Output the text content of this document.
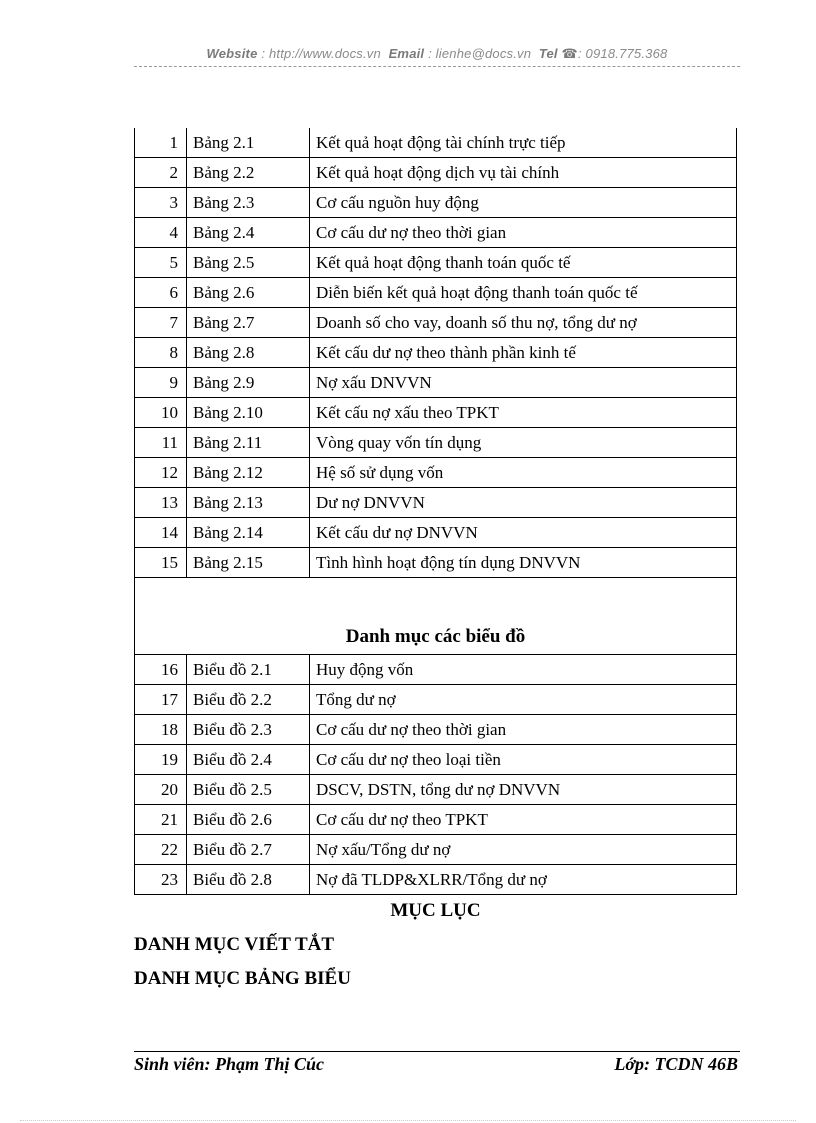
Website : http://www.docs.vn Email : lienhe@docs.vn Tel ☎: 0918.775.368
1	Bảng 2.1	Kết quả hoạt động tài chính trực tiếp
2	Bảng 2.2	Kết quả hoạt động dịch vụ tài chính
3	Bảng 2.3	Cơ cấu nguồn huy động
4	Bảng 2.4	Cơ cấu dư nợ theo thời gian
5	Bảng 2.5	Kết quả hoạt động thanh toán quốc tế
6	Bảng 2.6	Diễn biến kết quả hoạt động thanh toán quốc tế
7	Bảng 2.7	Doanh số cho vay, doanh số thu nợ, tổng dư nợ
8	Bảng 2.8	Kết cấu dư nợ theo thành phần kinh tế
9	Bảng 2.9	Nợ xấu DNVVN
10	Bảng 2.10	Kết cấu nợ xấu theo TPKT
11	Bảng 2.11	Vòng quay vốn tín dụng
12	Bảng 2.12	Hệ số sử dụng vốn
13	Bảng 2.13	Dư nợ DNVVN
14	Bảng 2.14	Kết cấu dư nợ DNVVN
15	Bảng 2.15	Tình hình hoạt động tín dụng DNVVN
Danh mục các biểu đồ		
16	Biểu đồ 2.1	Huy động vốn
17	Biểu đồ 2.2	Tổng dư nợ
18	Biểu đồ 2.3	Cơ cấu dư nợ theo thời gian
19	Biểu đồ 2.4	Cơ cấu dư nợ theo loại tiền
20	Biểu đồ 2.5	DSCV, DSTN, tổng dư nợ DNVVN
21	Biểu đồ 2.6	Cơ cấu dư nợ theo TPKT
22	Biểu đồ 2.7	Nợ xấu/Tổng dư nợ
23	Biểu đồ 2.8	Nợ đã TLDP&XLRR/Tổng dư nợ
MỤC LỤC
DANH MỤC VIẾT TẮT
DANH MỤC BẢNG BIỂU
Sinh viên: Phạm Thị Cúc	Lớp: TCDN 46B
